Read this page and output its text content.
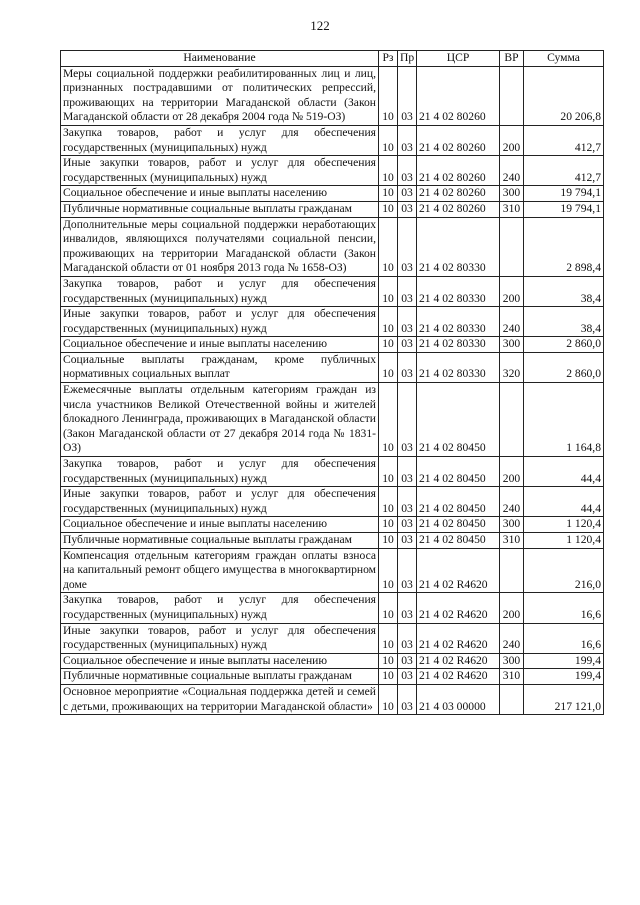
122
Наименование	Рз	Пр	ЦСР	ВР	Сумма
Меры социальной поддержки реабилитированных лиц и лиц, признанных пострадавшими от политических репрессий, проживающих на территории Магаданской области (Закон Магаданской области от 28 декабря 2004 года № 519-ОЗ)	10	03	21 4 02 80260		20 206,8
Закупка товаров, работ и услуг для обеспечения государственных (муниципальных) нужд	10	03	21 4 02 80260	200	412,7
Иные закупки товаров, работ и услуг для обеспечения государственных (муниципальных) нужд	10	03	21 4 02 80260	240	412,7
Социальное обеспечение и иные выплаты населению	10	03	21 4 02 80260	300	19 794,1
Публичные нормативные социальные выплаты гражданам	10	03	21 4 02 80260	310	19 794,1
Дополнительные меры социальной поддержки неработающих инвалидов, являющихся получателями социальной пенсии, проживающих на территории Магаданской области (Закон Магаданской области от 01 ноября 2013 года № 1658-ОЗ)	10	03	21 4 02 80330		2 898,4
Закупка товаров, работ и услуг для обеспечения государственных (муниципальных) нужд	10	03	21 4 02 80330	200	38,4
Иные закупки товаров, работ и услуг для обеспечения государственных (муниципальных) нужд	10	03	21 4 02 80330	240	38,4
Социальное обеспечение и иные выплаты населению	10	03	21 4 02 80330	300	2 860,0
Социальные выплаты гражданам, кроме публичных нормативных социальных выплат	10	03	21 4 02 80330	320	2 860,0
Ежемесячные выплаты отдельным категориям граждан из числа участников Великой Отечественной войны и жителей блокадного Ленинграда, проживающих в Магаданской области (Закон Магаданской области от 27 декабря 2014 года № 1831-ОЗ)	10	03	21 4 02 80450		1 164,8
Закупка товаров, работ и услуг для обеспечения государственных (муниципальных) нужд	10	03	21 4 02 80450	200	44,4
Иные закупки товаров, работ и услуг для обеспечения государственных (муниципальных) нужд	10	03	21 4 02 80450	240	44,4
Социальное обеспечение и иные выплаты населению	10	03	21 4 02 80450	300	1 120,4
Публичные нормативные социальные выплаты гражданам	10	03	21 4 02 80450	310	1 120,4
Компенсация отдельным категориям граждан оплаты взноса на капитальный ремонт общего имущества в многоквартирном доме	10	03	21 4 02 R4620		216,0
Закупка товаров, работ и услуг для обеспечения государственных (муниципальных) нужд	10	03	21 4 02 R4620	200	16,6
Иные закупки товаров, работ и услуг для обеспечения государственных (муниципальных) нужд	10	03	21 4 02 R4620	240	16,6
Социальное обеспечение и иные выплаты населению	10	03	21 4 02 R4620	300	199,4
Публичные нормативные социальные выплаты гражданам	10	03	21 4 02 R4620	310	199,4
Основное мероприятие «Социальная поддержка детей и семей с детьми, проживающих на территории Магаданской области»	10	03	21 4 03 00000		217 121,0
